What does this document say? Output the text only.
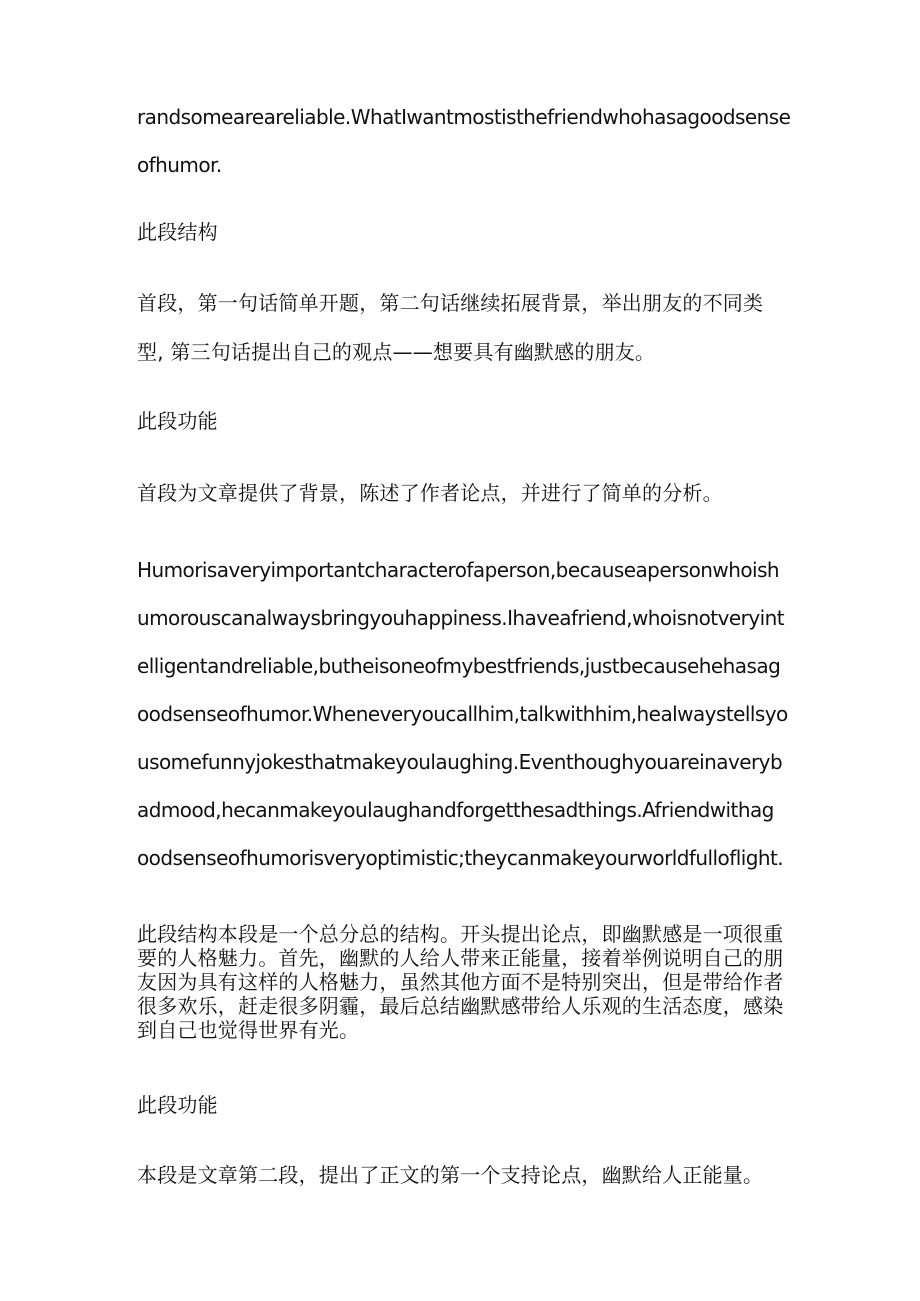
randsomeareareliable.WhatIwantmostisthefriendwhohasagoodsense
ofhumor.
此段结构
首段，第一句话简单开题，第二句话继续拓展背景，举出朋友的不同类
型, 第三句话提出自己的观点——想要具有幽默感的朋友。
此段功能
首段为文章提供了背景，陈述了作者论点，并进行了简单的分析。
Humorisaveryimportantcharacterofaperson,becauseapersonwhoish
umorouscanalwaysbringyouhappiness.Ihaveafriend,whoisnotveryint
elligentandreliable,butheisoneofmybestfriends,justbecausehehasag
oodsenseofhumor.Wheneveryoucallhim,talkwithhim,healwaystellsyo
usomefunnyjokesthatmakeyoulaughing.Eventhoughyouareinaveryb
admood,hecanmakeyoulaughandforgetthesadthings.Afriendwithag
oodsenseofhumorisveryoptimistic;theycanmakeyourworldfulloflight.
此段结构本段是一个总分总的结构。开头提出论点，即幽默感是一项很重
要的人格魅力。首先，幽默的人给人带来正能量，接着举例说明自己的朋
友因为具有这样的人格魅力，虽然其他方面不是特别突出，但是带给作者
很多欢乐，赶走很多阴霾，最后总结幽默感带给人乐观的生活态度，感染
到自己也觉得世界有光。
此段功能
本段是文章第二段，提出了正文的第一个支持论点，幽默给人正能量。
